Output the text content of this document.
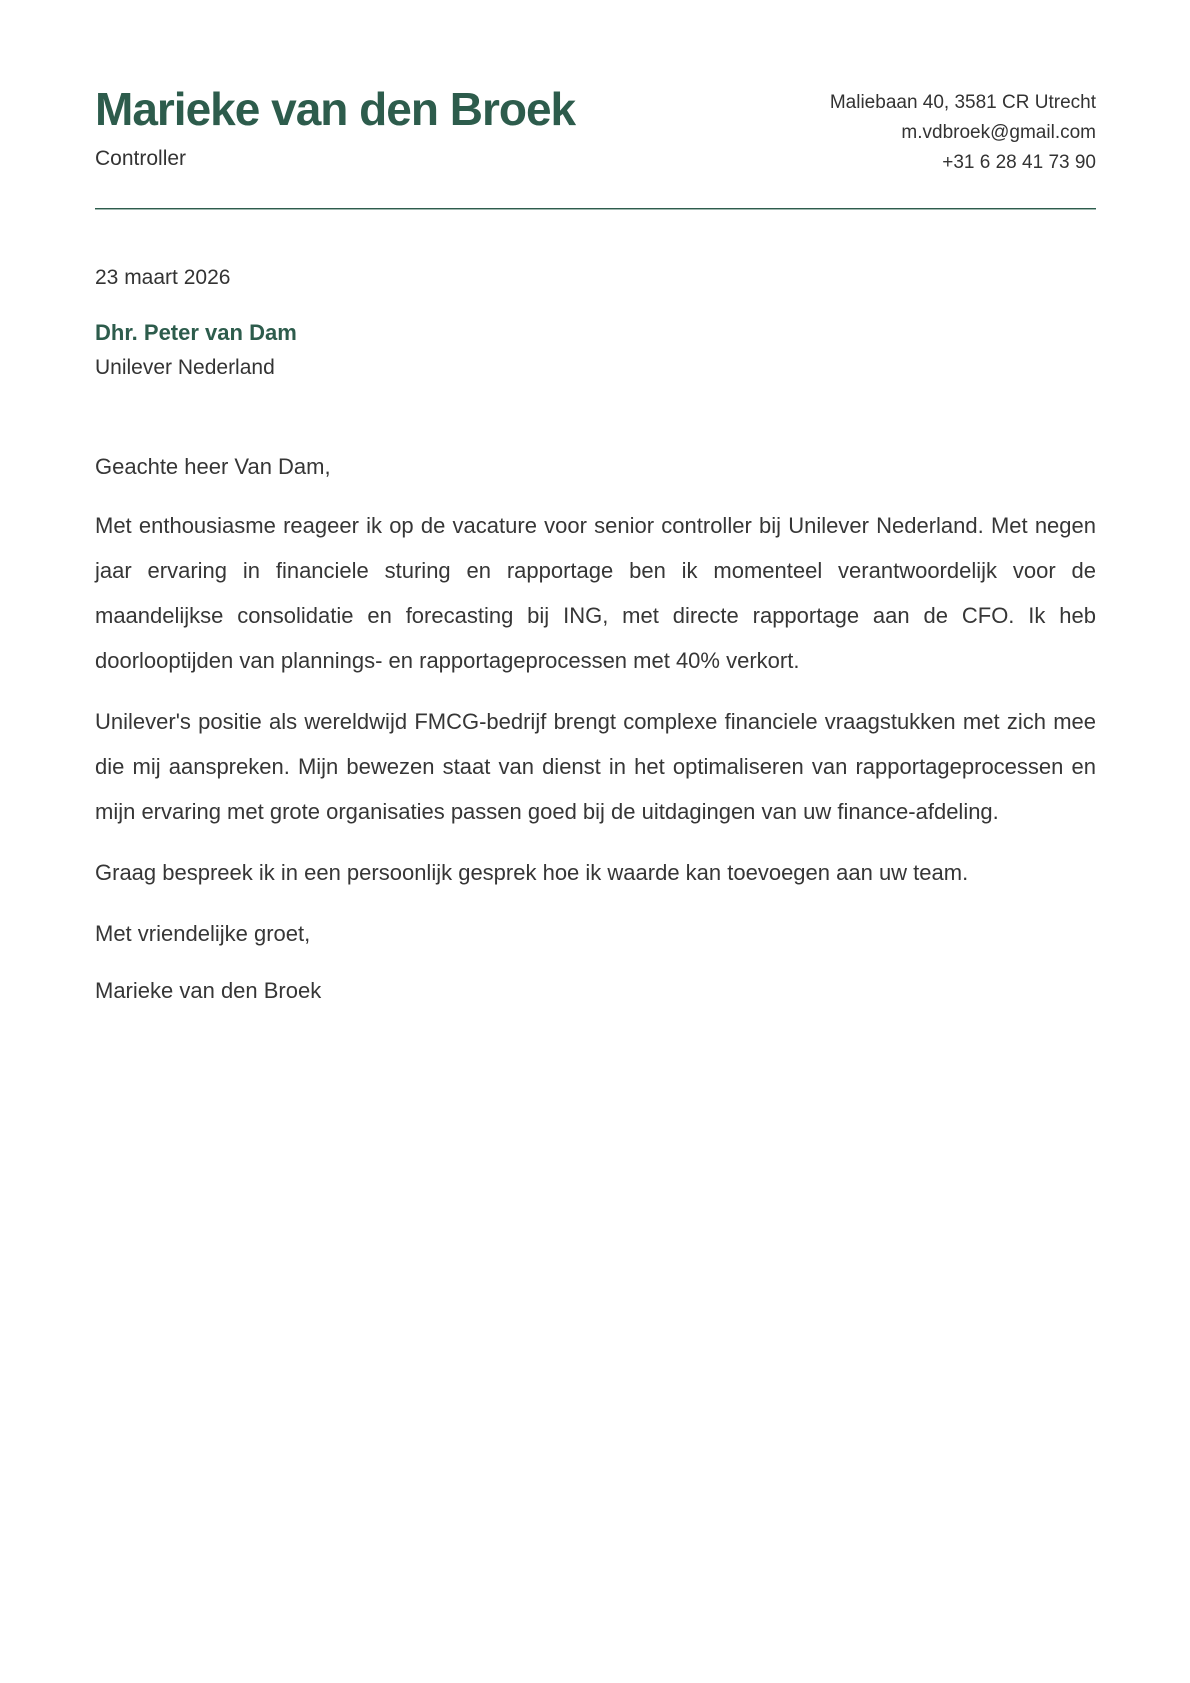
Marieke van den Broek
Controller
Maliebaan 40, 3581 CR Utrecht
m.vdbroek@gmail.com
+31 6 28 41 73 90
23 maart 2026
Dhr. Peter van Dam
Unilever Nederland

Geachte heer Van Dam,

Met enthousiasme reageer ik op de vacature voor senior controller bij Unilever Nederland. Met negen jaar ervaring in financiele sturing en rapportage ben ik momenteel verantwoordelijk voor de maandelijkse consolidatie en forecasting bij ING, met directe rapportage aan de CFO. Ik heb doorlooptijden van plannings- en rapportageprocessen met 40% verkort.

Unilever's positie als wereldwijd FMCG-bedrijf brengt complexe financiele vraagstukken met zich mee die mij aanspreken. Mijn bewezen staat van dienst in het optimaliseren van rapportageprocessen en mijn ervaring met grote organisaties passen goed bij de uitdagingen van uw finance-afdeling.

Graag bespreek ik in een persoonlijk gesprek hoe ik waarde kan toevoegen aan uw team.

Met vriendelijke groet,

Marieke van den Broek
